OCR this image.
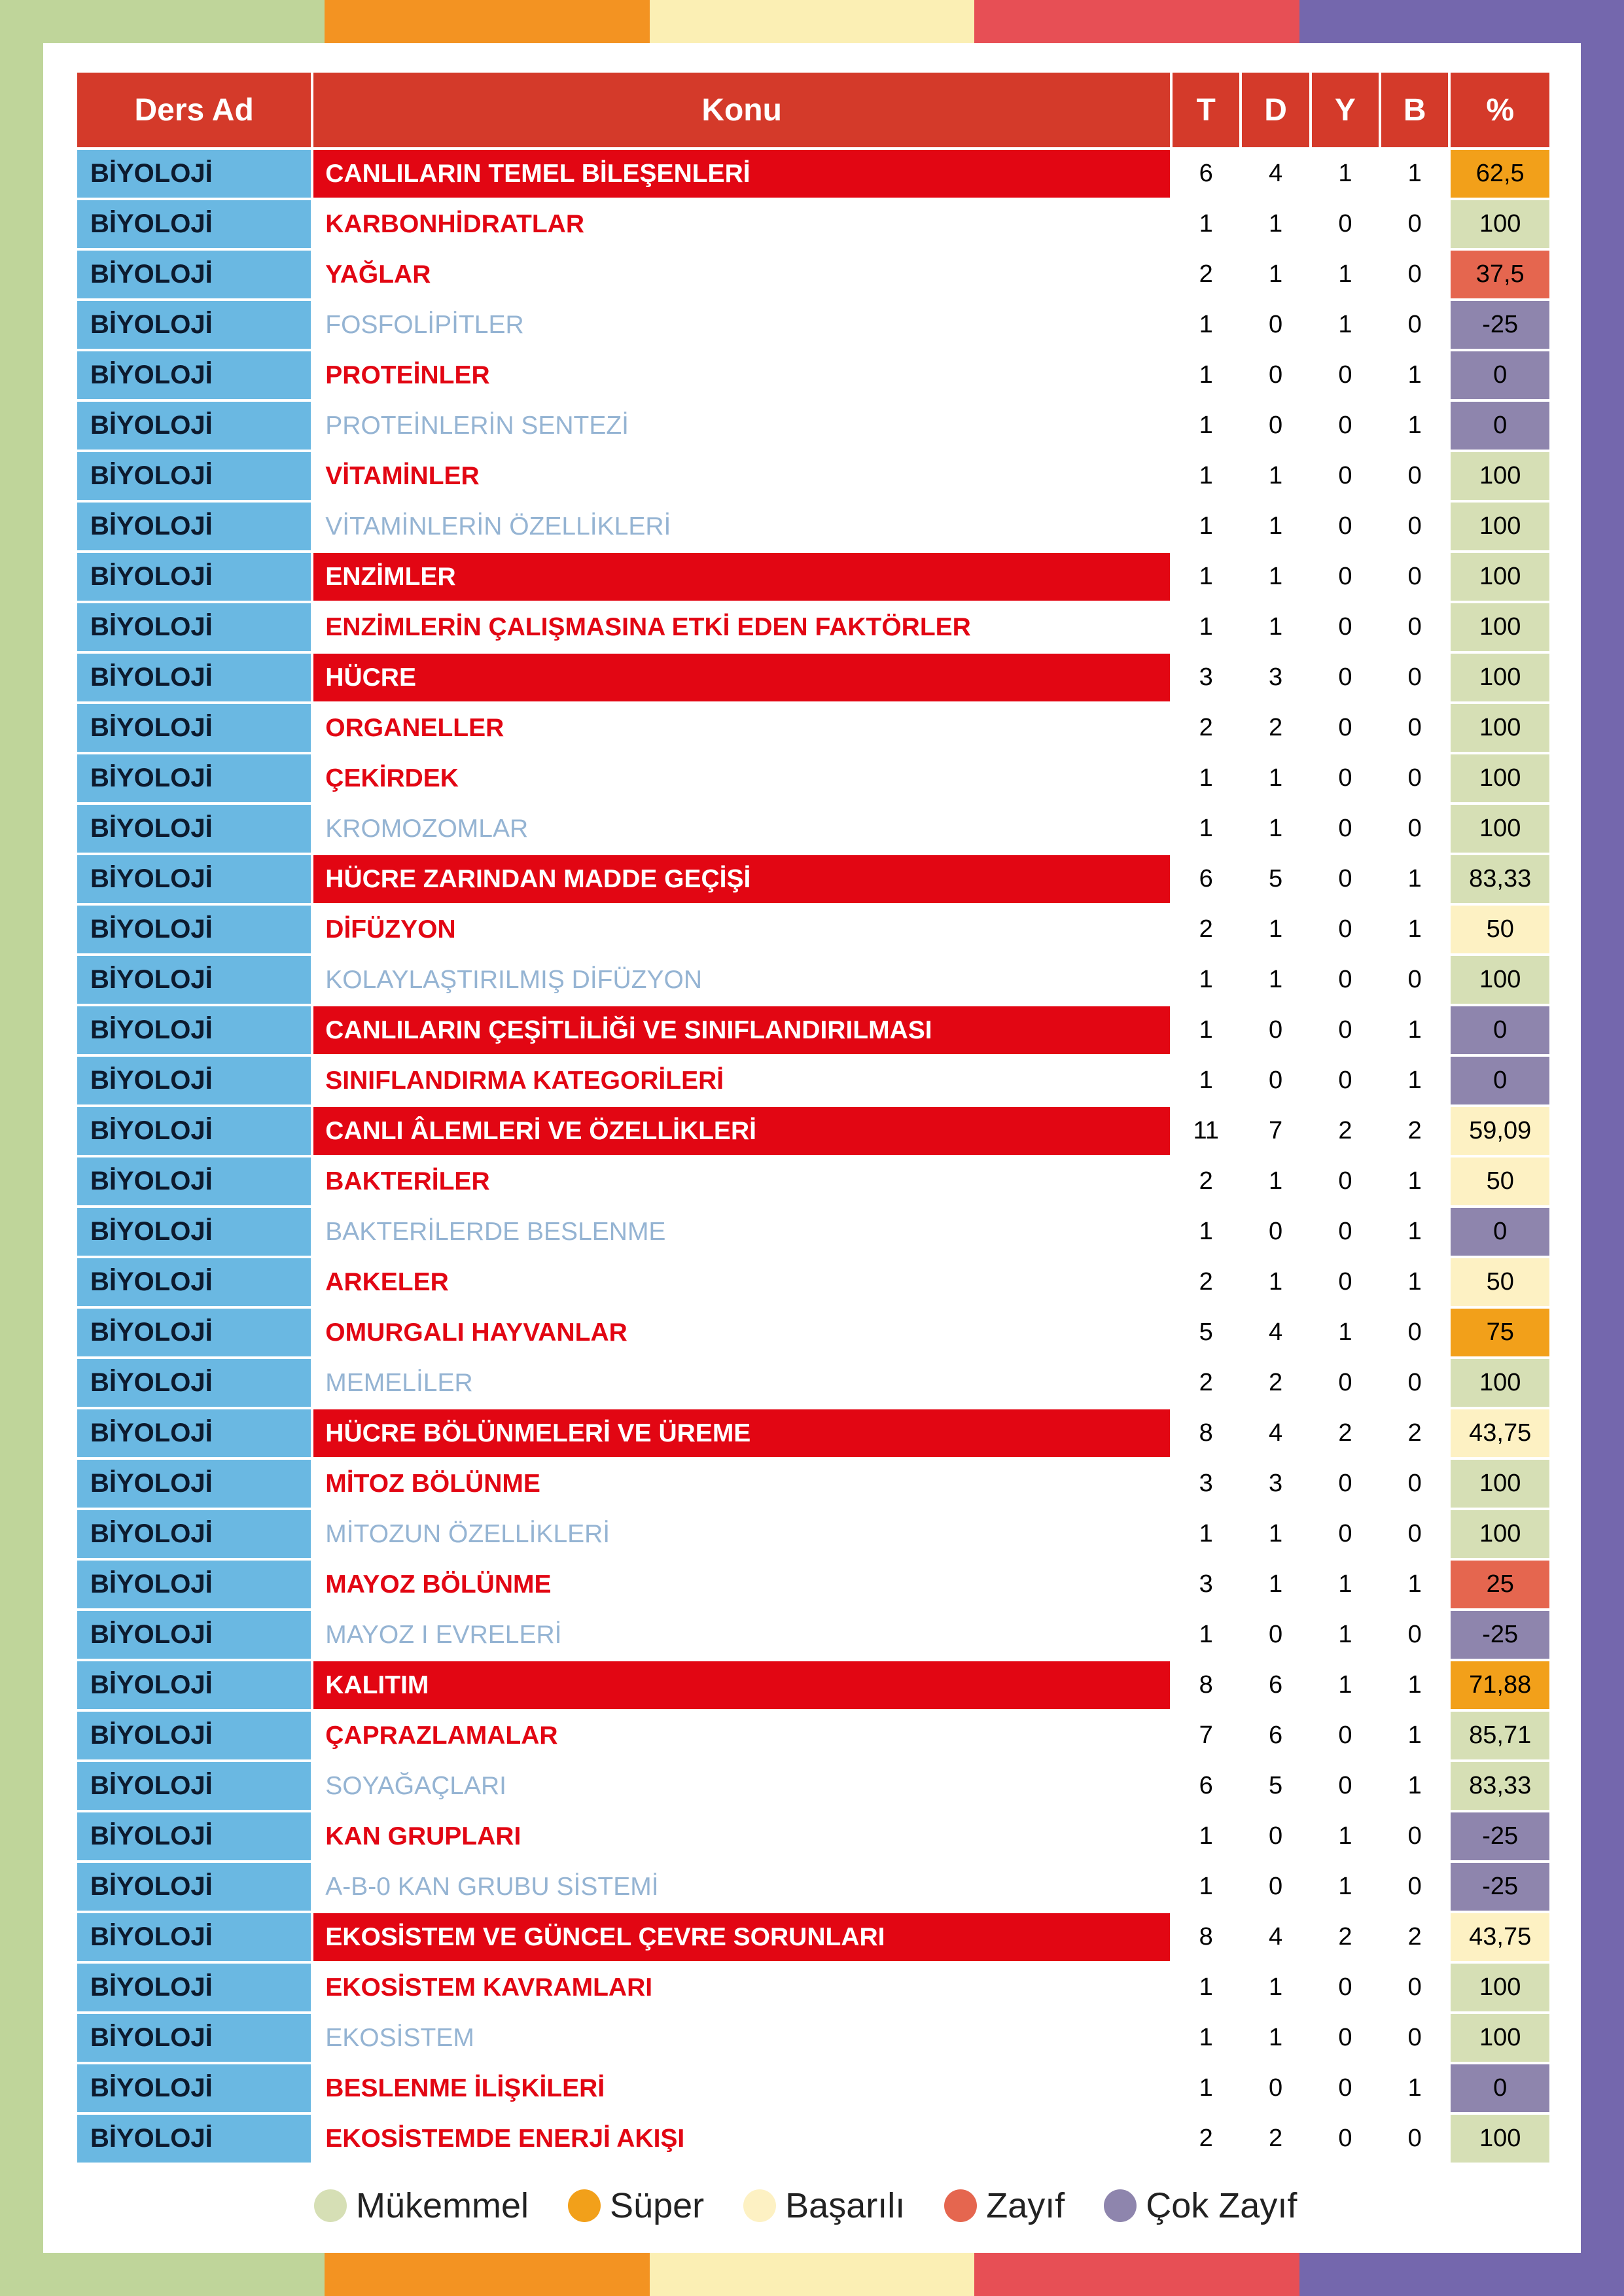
Ders Ad	Konu	T	D	Y	B	%
BİYOLOJİ	CANLILARIN TEMEL BİLEŞENLERİ	6	4	1	1	62,5
BİYOLOJİ	KARBONHİDRATLAR	1	1	0	0	100
BİYOLOJİ	YAĞLAR	2	1	1	0	37,5
BİYOLOJİ	FOSFOLİPİTLER	1	0	1	0	-25
BİYOLOJİ	PROTEİNLER	1	0	0	1	0
BİYOLOJİ	PROTEİNLERİN SENTEZİ	1	0	0	1	0
BİYOLOJİ	VİTAMİNLER	1	1	0	0	100
BİYOLOJİ	VİTAMİNLERİN ÖZELLİKLERİ	1	1	0	0	100
BİYOLOJİ	ENZİMLER	1	1	0	0	100
BİYOLOJİ	ENZİMLERİN ÇALIŞMASINA ETKİ EDEN FAKTÖRLER	1	1	0	0	100
BİYOLOJİ	HÜCRE	3	3	0	0	100
BİYOLOJİ	ORGANELLER	2	2	0	0	100
BİYOLOJİ	ÇEKİRDEK	1	1	0	0	100
BİYOLOJİ	KROMOZOMLAR	1	1	0	0	100
BİYOLOJİ	HÜCRE ZARINDAN MADDE GEÇİŞİ	6	5	0	1	83,33
BİYOLOJİ	DİFÜZYON	2	1	0	1	50
BİYOLOJİ	KOLAYLAŞTIRILMIŞ DİFÜZYON	1	1	0	0	100
BİYOLOJİ	CANLILARIN ÇEŞİTLİLİĞİ VE SINIFLANDIRILMASI	1	0	0	1	0
BİYOLOJİ	SINIFLANDIRMA KATEGORİLERİ	1	0	0	1	0
BİYOLOJİ	CANLI ÂLEMLERİ VE ÖZELLİKLERİ	11	7	2	2	59,09
BİYOLOJİ	BAKTERİLER	2	1	0	1	50
BİYOLOJİ	BAKTERİLERDE BESLENME	1	0	0	1	0
BİYOLOJİ	ARKELER	2	1	0	1	50
BİYOLOJİ	OMURGALI HAYVANLAR	5	4	1	0	75
BİYOLOJİ	MEMELİLER	2	2	0	0	100
BİYOLOJİ	HÜCRE BÖLÜNMELERİ VE ÜREME	8	4	2	2	43,75
BİYOLOJİ	MİTOZ BÖLÜNME	3	3	0	0	100
BİYOLOJİ	MİTOZUN ÖZELLİKLERİ	1	1	0	0	100
BİYOLOJİ	MAYOZ BÖLÜNME	3	1	1	1	25
BİYOLOJİ	MAYOZ I EVRELERİ	1	0	1	0	-25
BİYOLOJİ	KALITIM	8	6	1	1	71,88
BİYOLOJİ	ÇAPRAZLAMALAR	7	6	0	1	85,71
BİYOLOJİ	SOYAĞAÇLARI	6	5	0	1	83,33
BİYOLOJİ	KAN GRUPLARI	1	0	1	0	-25
BİYOLOJİ	A-B-0 KAN GRUBU SİSTEMİ	1	0	1	0	-25
BİYOLOJİ	EKOSİSTEM VE GÜNCEL ÇEVRE SORUNLARI	8	4	2	2	43,75
BİYOLOJİ	EKOSİSTEM KAVRAMLARI	1	1	0	0	100
BİYOLOJİ	EKOSİSTEM	1	1	0	0	100
BİYOLOJİ	BESLENME İLİŞKİLERİ	1	0	0	1	0
BİYOLOJİ	EKOSİSTEMDE ENERJİ AKIŞI	2	2	0	0	100
Mükemmel Süper Başarılı Zayıf Çok Zayıf
